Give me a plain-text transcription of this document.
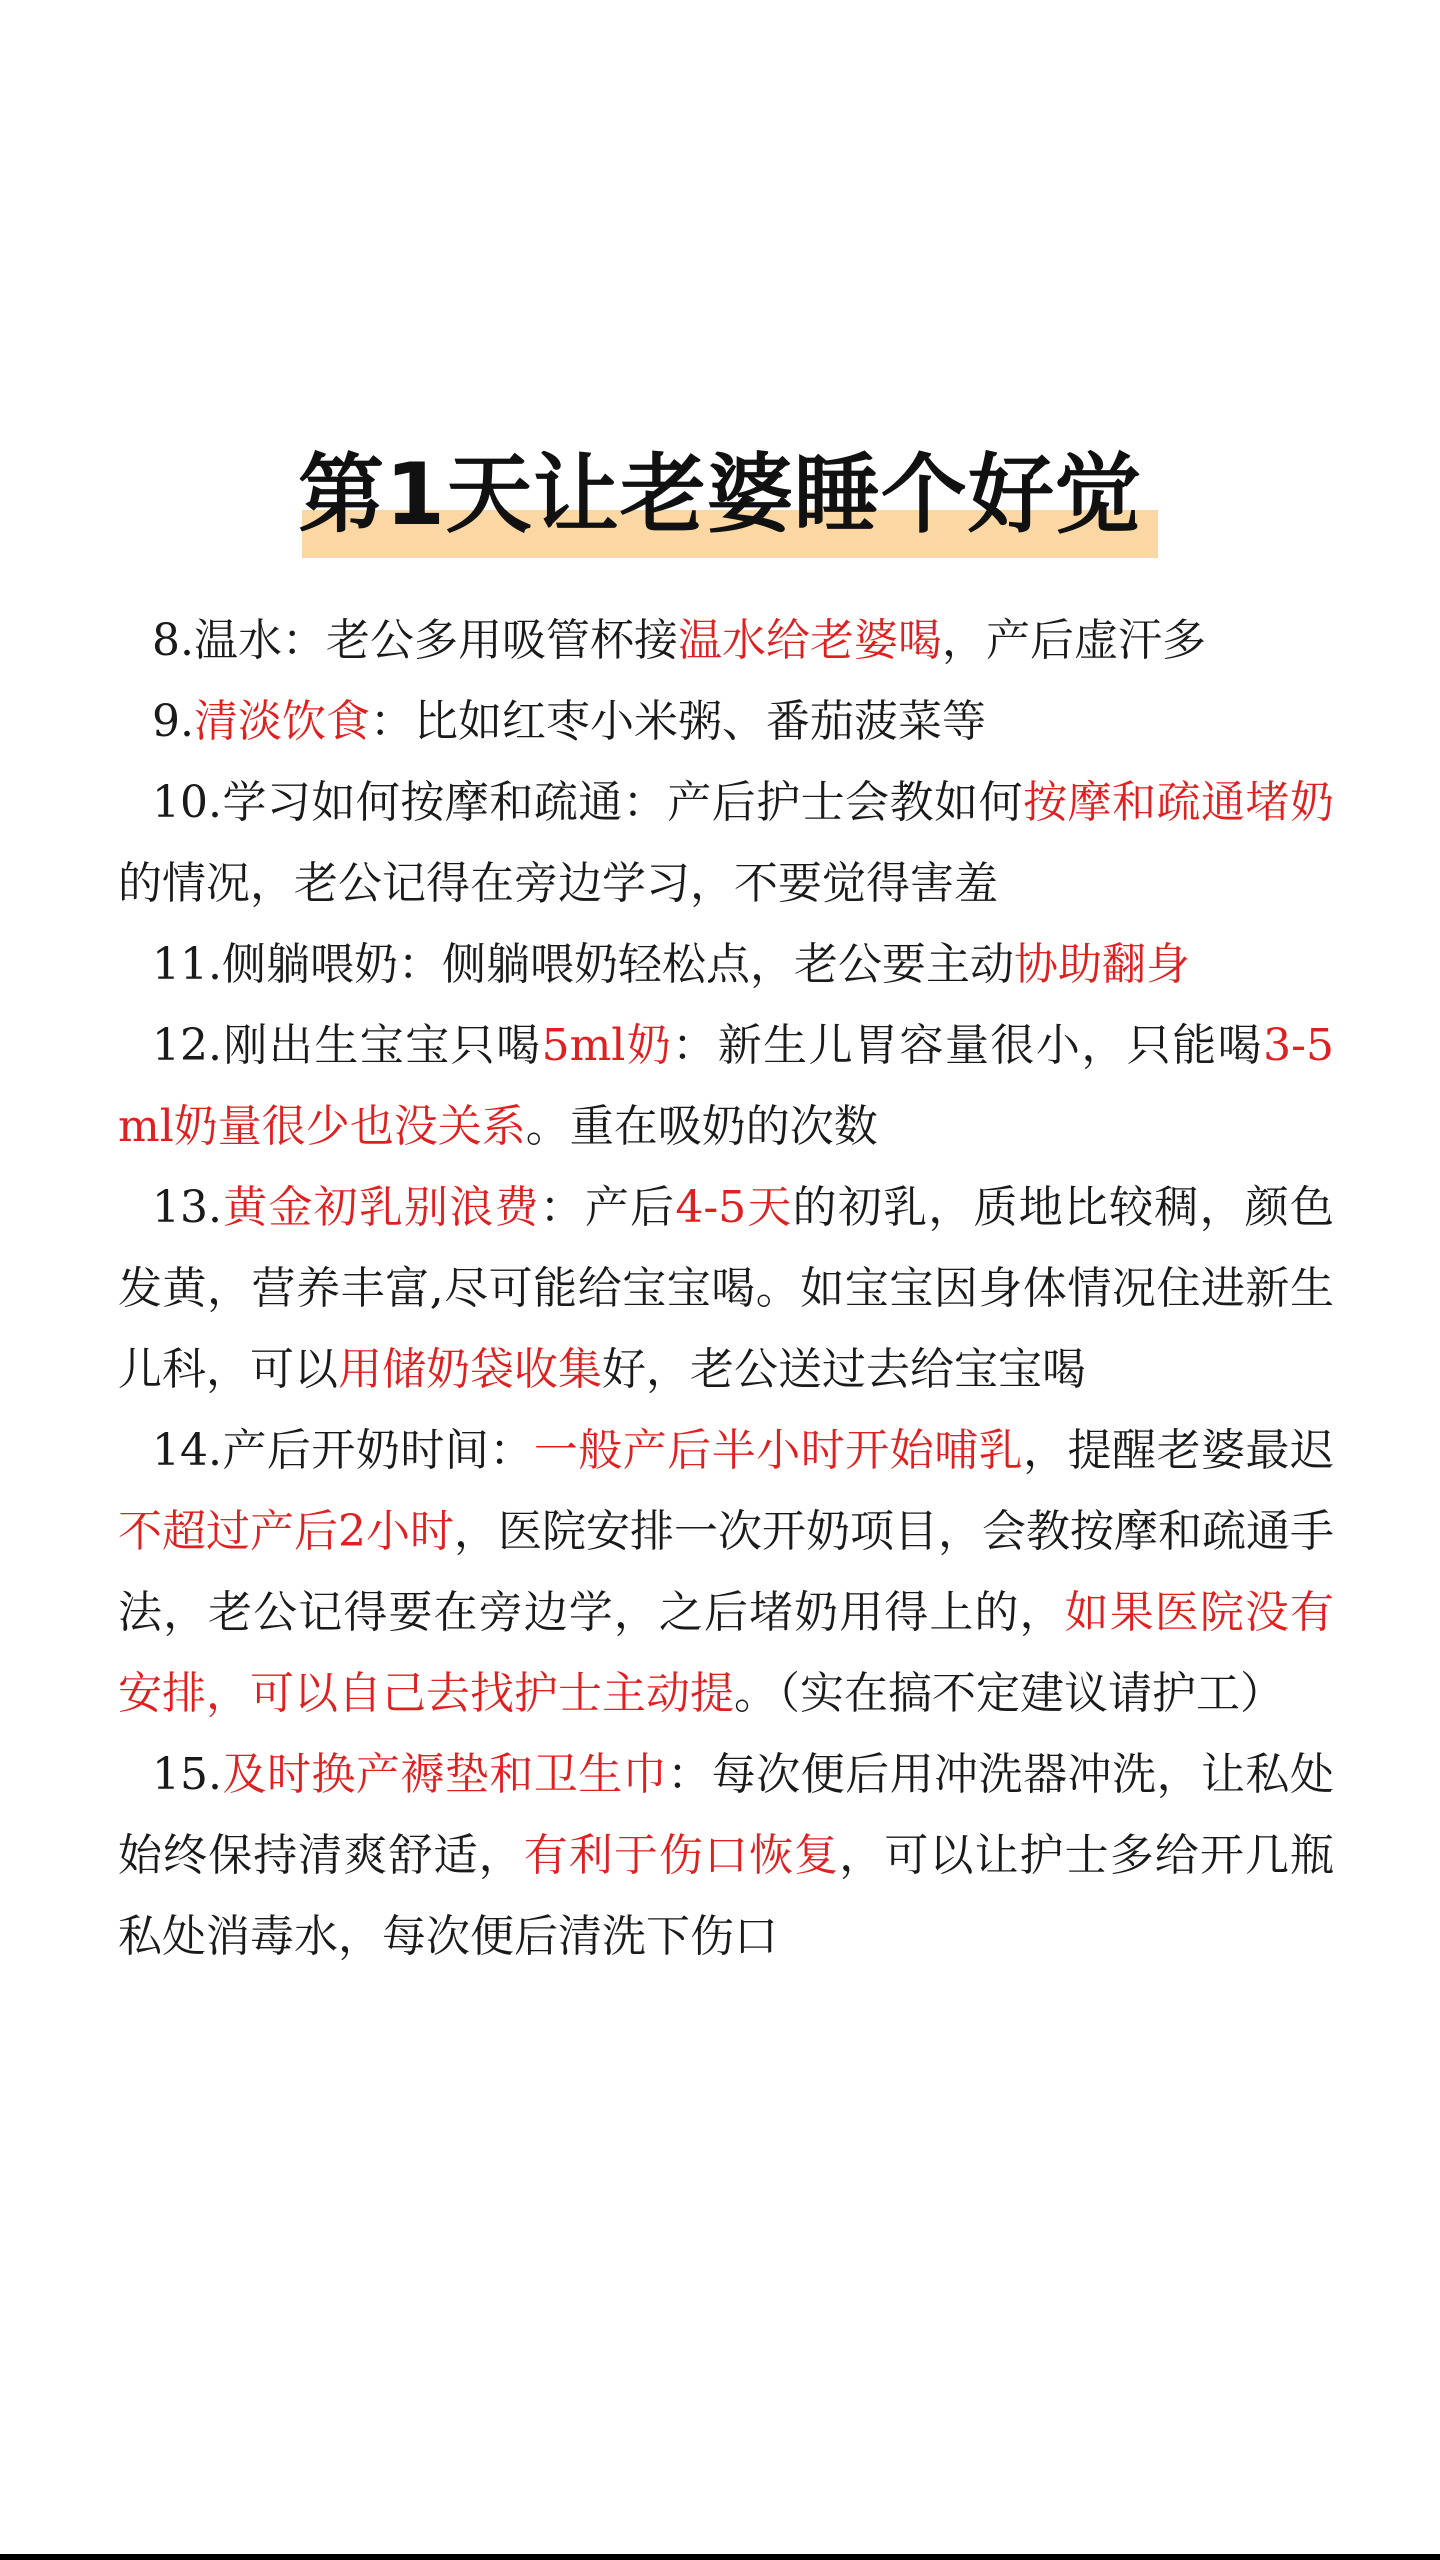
第1天让老婆睡个好觉

8.温水：老公多用吸管杯接温水给老婆喝，产后虚汗多

9.清淡饮食：比如红枣小米粥、番茄菠菜等

10.学习如何按摩和疏通：产后护士会教如何按摩和疏通堵奶的情况，老公记得在旁边学习，不要觉得害羞

11.侧躺喂奶：侧躺喂奶轻松点，老公要主动协助翻身

12.刚出生宝宝只喝5ml奶：新生儿胃容量很小，只能喝3-5ml奶量很少也没关系。重在吸奶的次数

13.黄金初乳别浪费：产后4-5天的初乳，质地比较稠，颜色发黄，营养丰富,尽可能给宝宝喝。如宝宝因身体情况住进新生儿科，可以用储奶袋收集好，老公送过去给宝宝喝

14.产后开奶时间：一般产后半小时开始哺乳，提醒老婆最迟不超过产后2小时，医院安排一次开奶项目，会教按摩和疏通手法，老公记得要在旁边学，之后堵奶用得上的，如果医院没有安排，可以自己去找护士主动提。（实在搞不定建议请护工）

15.及时换产褥垫和卫生巾：每次便后用冲洗器冲洗，让私处始终保持清爽舒适，有利于伤口恢复，可以让护士多给开几瓶私处消毒水，每次便后清洗下伤口
